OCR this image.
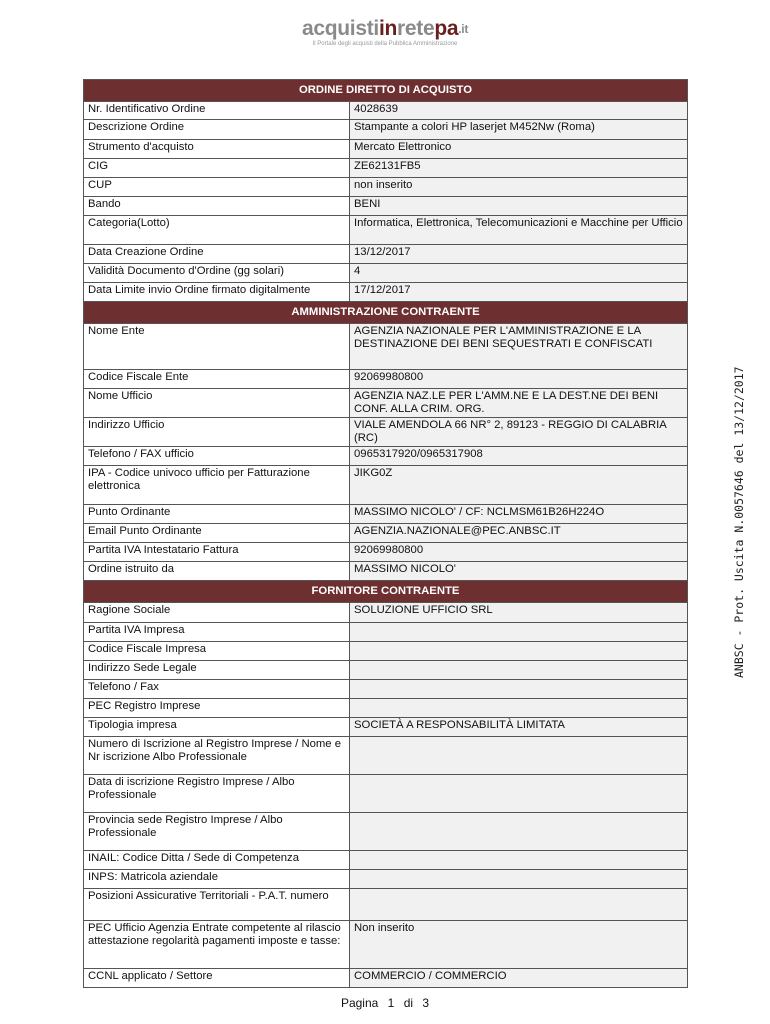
acquistiinretepa$^{.it}$
Il Portale degli acquisti della Pubblica Amministrazione
ORDINE DIRETTO DI ACQUISTO	
Nr. Identificativo Ordine	4028639
Descrizione Ordine	Stampante a colori HP laserjet M452Nw (Roma)
Strumento d'acquisto	Mercato Elettronico
CIG	ZE62131FB5
CUP	non inserito
Bando	BENI
Categoria(Lotto)	Informatica, Elettronica, Telecomunicazioni e Macchine per Ufficio
Data Creazione Ordine	13/12/2017
Validità Documento d'Ordine (gg solari)	4
Data Limite invio Ordine firmato digitalmente	17/12/2017
AMMINISTRAZIONE CONTRAENTE	
Nome Ente	AGENZIA NAZIONALE PER L'AMMINISTRAZIONE E LA DESTINAZIONE DEI BENI SEQUESTRATI E CONFISCATI
Codice Fiscale Ente	92069980800
Nome Ufficio	AGENZIA NAZ.LE PER L'AMM.NE E LA DEST.NE DEI BENI CONF. ALLA CRIM. ORG.
Indirizzo Ufficio	VIALE AMENDOLA 66 NR° 2, 89123 - REGGIO DI CALABRIA (RC)
Telefono / FAX ufficio	0965317920/0965317908
IPA - Codice univoco ufficio per Fatturazione elettronica	JIKG0Z
Punto Ordinante	MASSIMO NICOLO' / CF: NCLMSM61B26H224O
Email Punto Ordinante	AGENZIA.NAZIONALE@PEC.ANBSC.IT
Partita IVA Intestatario Fattura	92069980800
Ordine istruito da	MASSIMO NICOLO'
FORNITORE CONTRAENTE	
Ragione Sociale	SOLUZIONE UFFICIO SRL
Partita IVA Impresa	
Codice Fiscale Impresa	
Indirizzo Sede Legale	
Telefono / Fax	
PEC Registro Imprese	
Tipologia impresa	SOCIETÀ A RESPONSABILITÀ LIMITATA
Numero di Iscrizione al Registro Imprese / Nome e Nr iscrizione Albo Professionale	
Data di iscrizione Registro Imprese / Albo Professionale	
Provincia sede Registro Imprese / Albo Professionale	
INAIL: Codice Ditta / Sede di Competenza	
INPS: Matricola aziendale	
Posizioni Assicurative Territoriali - P.A.T. numero	
PEC Ufficio Agenzia Entrate competente al rilascio attestazione regolarità pagamenti imposte e tasse:	Non inserito
CCNL applicato / Settore	COMMERCIO / COMMERCIO
ANBSC - Prot. Uscita N.0057646 del 13/12/2017
Pagina 1 di 3
